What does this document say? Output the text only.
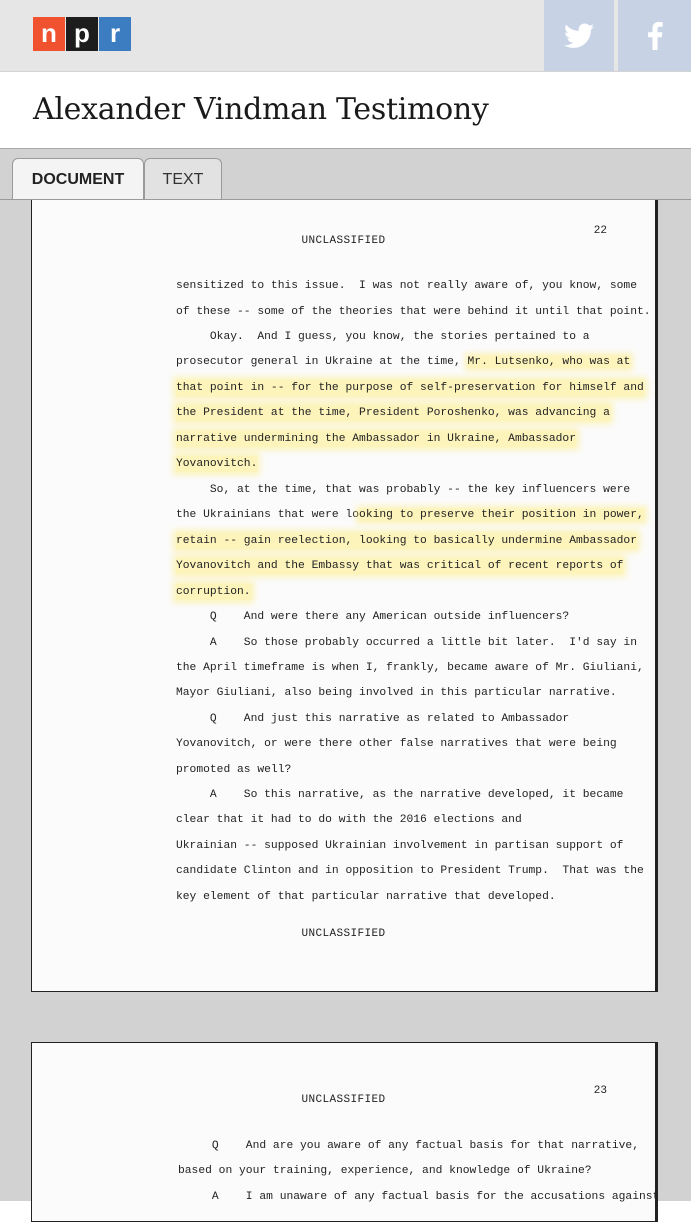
n p r
Alexander Vindman Testimony
DOCUMENT	TEXT
22
UNCLASSIFIED
sensitized to this issue.  I was not really aware of, you know, some
of these -- some of the theories that were behind it until that point.
Okay.  And I guess, you know, the stories pertained to a
prosecutor general in Ukraine at the time, Mr. Lutsenko, who was at
that point in -- for the purpose of self-preservation for himself and
the President at the time, President Poroshenko, was advancing a
narrative undermining the Ambassador in Ukraine, Ambassador
Yovanovitch.
So, at the time, that was probably -- the key influencers were
the Ukrainians that were looking to preserve their position in power,
retain -- gain reelection, looking to basically undermine Ambassador
Yovanovitch and the Embassy that was critical of recent reports of
corruption.
Q    And were there any American outside influencers?
A    So those probably occurred a little bit later.  I'd say in
the April timeframe is when I, frankly, became aware of Mr. Giuliani,
Mayor Giuliani, also being involved in this particular narrative.
Q    And just this narrative as related to Ambassador
Yovanovitch, or were there other false narratives that were being
promoted as well?
A    So this narrative, as the narrative developed, it became
clear that it had to do with the 2016 elections and
Ukrainian -- supposed Ukrainian involvement in partisan support of
candidate Clinton and in opposition to President Trump.  That was the
key element of that particular narrative that developed.
UNCLASSIFIED
23
UNCLASSIFIED
Q    And are you aware of any factual basis for that narrative,
based on your training, experience, and knowledge of Ukraine?
A    I am unaware of any factual basis for the accusations against
